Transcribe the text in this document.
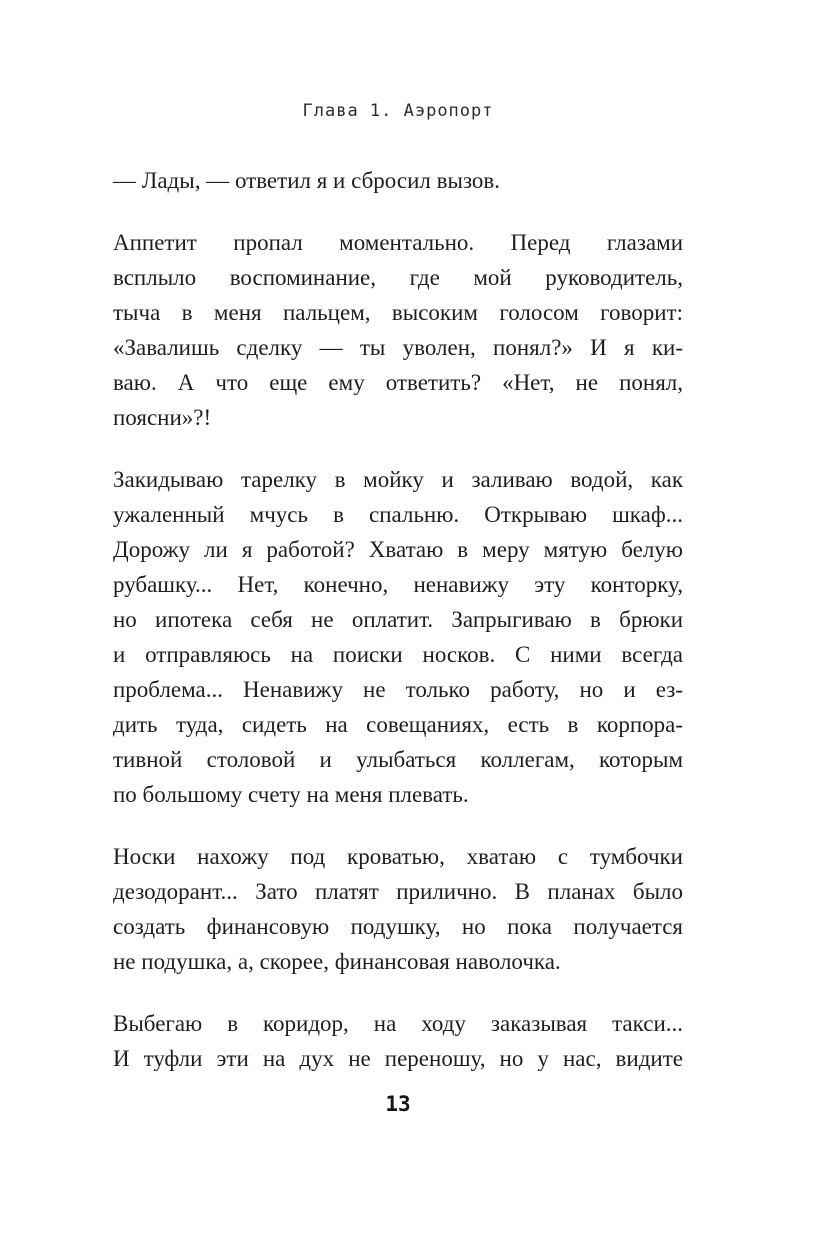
Глава 1. Аэропорт
— Лады, — ответил я и сбросил вызов.
Аппетит пропал моментально. Перед глазами
всплыло воспоминание, где мой руководитель,
тыча в меня пальцем, высоким голосом говорит:
«Завалишь сделку — ты уволен, понял?» И я ки-
ваю. А что еще ему ответить? «Нет, не понял,
поясни»?!
Закидываю тарелку в мойку и заливаю водой, как
ужаленный мчусь в спальню. Открываю шкаф...
Дорожу ли я работой? Хватаю в меру мятую белую
рубашку... Нет, конечно, ненавижу эту конторку,
но ипотека себя не оплатит. Запрыгиваю в брюки
и отправляюсь на поиски носков. С ними всегда
проблема... Ненавижу не только работу, но и ез-
дить туда, сидеть на совещаниях, есть в корпора-
тивной столовой и улыбаться коллегам, которым
по большому счету на меня плевать.
Носки нахожу под кроватью, хватаю с тумбочки
дезодорант... Зато платят прилично. В планах было
создать финансовую подушку, но пока получается
не подушка, а, скорее, финансовая наволочка.
Выбегаю в коридор, на ходу заказывая такси...
И туфли эти на дух не переношу, но у нас, видите
13
